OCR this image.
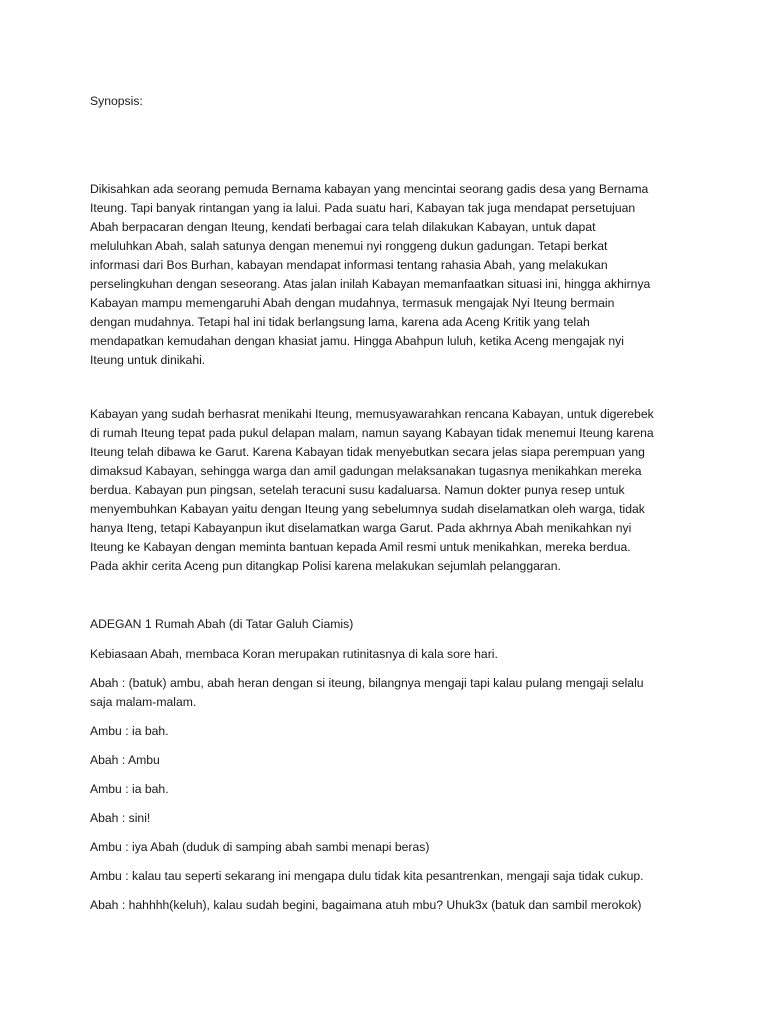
Synopsis:
Dikisahkan ada seorang pemuda Bernama kabayan yang mencintai seorang gadis desa yang Bernama
Iteung. Tapi banyak rintangan yang ia lalui. Pada suatu hari, Kabayan tak juga mendapat persetujuan
Abah berpacaran dengan Iteung, kendati berbagai cara telah dilakukan Kabayan, untuk dapat
meluluhkan Abah, salah satunya dengan menemui nyi ronggeng dukun gadungan. Tetapi berkat
informasi dari Bos Burhan, kabayan mendapat informasi tentang rahasia Abah, yang melakukan
perselingkuhan dengan seseorang. Atas jalan inilah Kabayan memanfaatkan situasi ini, hingga akhirnya
Kabayan mampu memengaruhi Abah dengan mudahnya, termasuk mengajak Nyi Iteung bermain
dengan mudahnya. Tetapi hal ini tidak berlangsung lama, karena ada Aceng Kritik yang telah
mendapatkan kemudahan dengan khasiat jamu. Hingga Abahpun luluh, ketika Aceng mengajak nyi
Iteung untuk dinikahi.
Kabayan yang sudah berhasrat menikahi Iteung, memusyawarahkan rencana Kabayan, untuk digerebek
di rumah Iteung tepat pada pukul delapan malam, namun sayang Kabayan tidak menemui Iteung karena
Iteung telah dibawa ke Garut. Karena Kabayan tidak menyebutkan secara jelas siapa perempuan yang
dimaksud Kabayan, sehingga warga dan amil gadungan melaksanakan tugasnya menikahkan mereka
berdua. Kabayan pun pingsan, setelah teracuni susu kadaluarsa. Namun dokter punya resep untuk
menyembuhkan Kabayan yaitu dengan Iteung yang sebelumnya sudah diselamatkan oleh warga, tidak
hanya Iteng, tetapi Kabayanpun ikut diselamatkan warga Garut. Pada akhrnya Abah menikahkan nyi
Iteung ke Kabayan dengan meminta bantuan kepada Amil resmi untuk menikahkan, mereka berdua.
Pada akhir cerita Aceng pun ditangkap Polisi karena melakukan sejumlah pelanggaran.
ADEGAN 1 Rumah Abah (di Tatar Galuh Ciamis)
Kebiasaan Abah, membaca Koran merupakan rutinitasnya di kala sore hari.
Abah : (batuk) ambu, abah heran dengan si iteung, bilangnya mengaji tapi kalau pulang mengaji selalu
saja malam-malam.
Ambu : ia bah.
Abah : Ambu
Ambu : ia bah.
Abah : sini!
Ambu : iya Abah (duduk di samping abah sambi menapi beras)
Ambu : kalau tau seperti sekarang ini mengapa dulu tidak kita pesantrenkan, mengaji saja tidak cukup.
Abah : hahhhh(keluh), kalau sudah begini, bagaimana atuh mbu? Uhuk3x (batuk dan sambil merokok)
